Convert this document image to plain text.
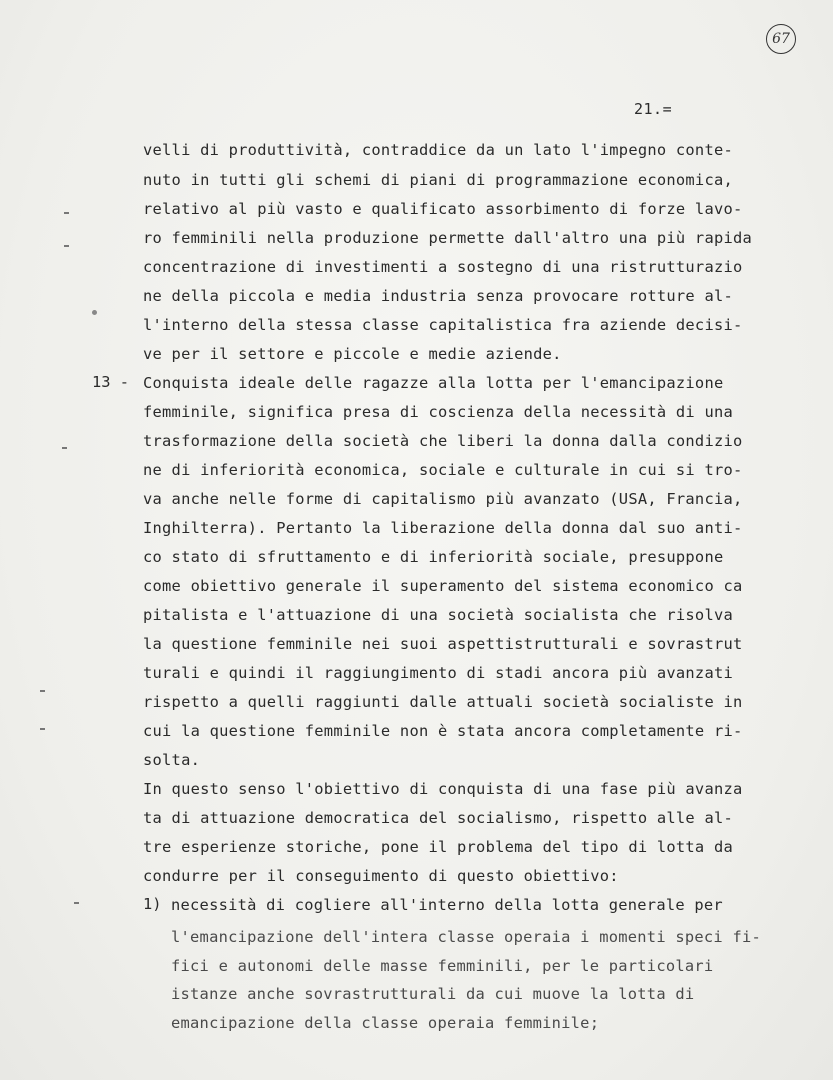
67
21.=
velli di produttività, contraddice da un lato l'impegno conte-
nuto in tutti gli schemi di piani di programmazione economica,
relativo al più vasto e qualificato assorbimento di forze lavo-
ro femminili nella produzione permette dall'altro una più rapida
concentrazione di investimenti a sostegno di una ristrutturazio
ne della piccola e media industria senza provocare rotture al-
l'interno della stessa classe capitalistica fra aziende decisi-
ve per il settore e piccole e medie aziende.
13 - Conquista ideale delle ragazze alla lotta per l'emancipazione
femminile, significa presa di coscienza della necessità di una
trasformazione della società che liberi la donna dalla condizio
ne di inferiorità economica, sociale e culturale in cui si tro-
va anche nelle forme di capitalismo più avanzato (USA, Francia,
Inghilterra). Pertanto la liberazione della donna dal suo anti-
co stato di sfruttamento e di inferiorità sociale, presuppone
come obiettivo generale il superamento del sistema economico ca
pitalista e l'attuazione di una società socialista che risolva
la questione femminile nei suoi aspettistrutturali e sovrastrut
turali e quindi il raggiungimento di stadi ancora più avanzati
rispetto a quelli raggiunti dalle attuali società socialiste in
cui la questione femminile non è stata ancora completamente ri-
solta.
In questo senso l'obiettivo di conquista di una fase più avanza
ta di attuazione democratica del socialismo, rispetto alle al-
tre esperienze storiche, pone il problema del tipo di lotta da
condurre per il conseguimento di questo obiettivo:
1) necessità di cogliere all'interno della lotta generale per
l'emancipazione dell'intera classe operaia i momenti speci fi-
fici e autonomi delle masse femminili, per le particolari
istanze anche sovrastrutturali da cui muove la lotta di
emancipazione della classe operaia femminile;
